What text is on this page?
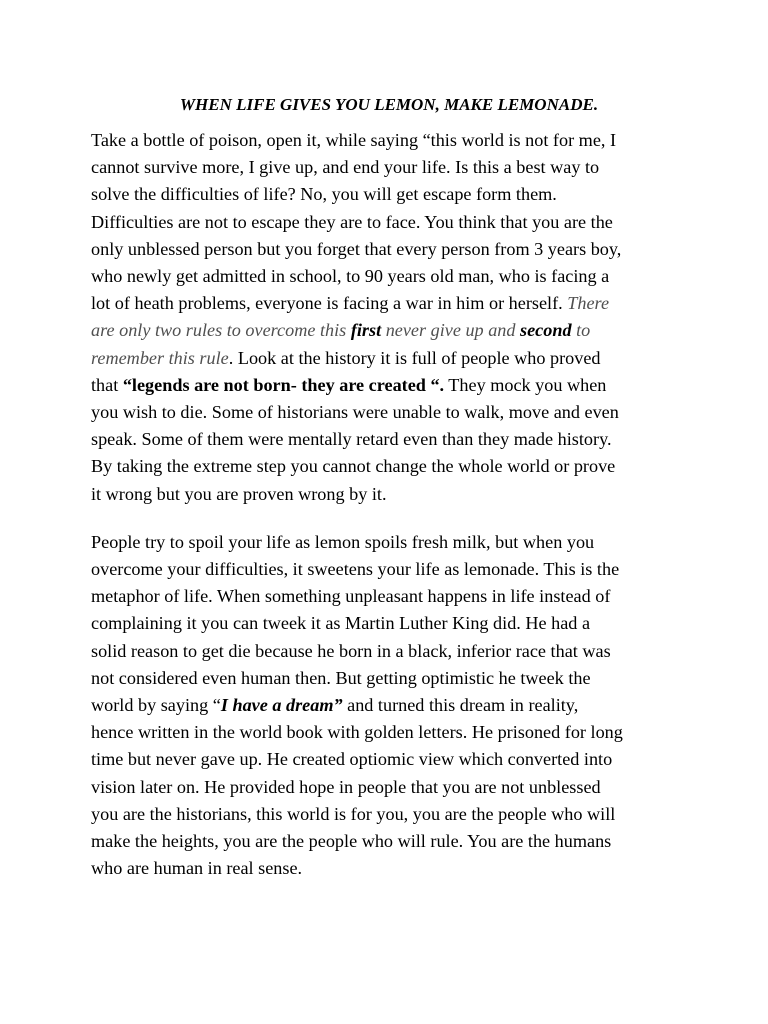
WHEN LIFE GIVES YOU LEMON, MAKE LEMONADE.
Take a bottle of poison, open it, while saying “this world is not for me, I
cannot survive more, I give up, and end your life. Is this a best way to
solve the difficulties of life? No, you will get escape form them.
Difficulties are not to escape they are to face. You think that you are the
only unblessed person but you forget that every person from 3 years boy,
who newly get admitted in school, to 90 years old man, who is facing a
lot of heath problems, everyone is facing a war in him or herself. There
are only two rules to overcome this first never give up and second to
remember this rule. Look at the history it is full of people who proved
that “legends are not born- they are created “. They mock you when
you wish to die. Some of historians were unable to walk, move and even
speak. Some of them were mentally retard even than they made history.
By taking the extreme step you cannot change the whole world or prove
it wrong but you are proven wrong by it.
People try to spoil your life as lemon spoils fresh milk, but when you
overcome your difficulties, it sweetens your life as lemonade. This is the
metaphor of life. When something unpleasant happens in life instead of
complaining it you can tweek it as Martin Luther King did. He had a
solid reason to get die because he born in a black, inferior race that was
not considered even human then. But getting optimistic he tweek the
world by saying “I have a dream” and turned this dream in reality,
hence written in the world book with golden letters. He prisoned for long
time but never gave up. He created optiomic view which converted into
vision later on. He provided hope in people that you are not unblessed
you are the historians, this world is for you, you are the people who will
make the heights, you are the people who will rule. You are the humans
who are human in real sense.
